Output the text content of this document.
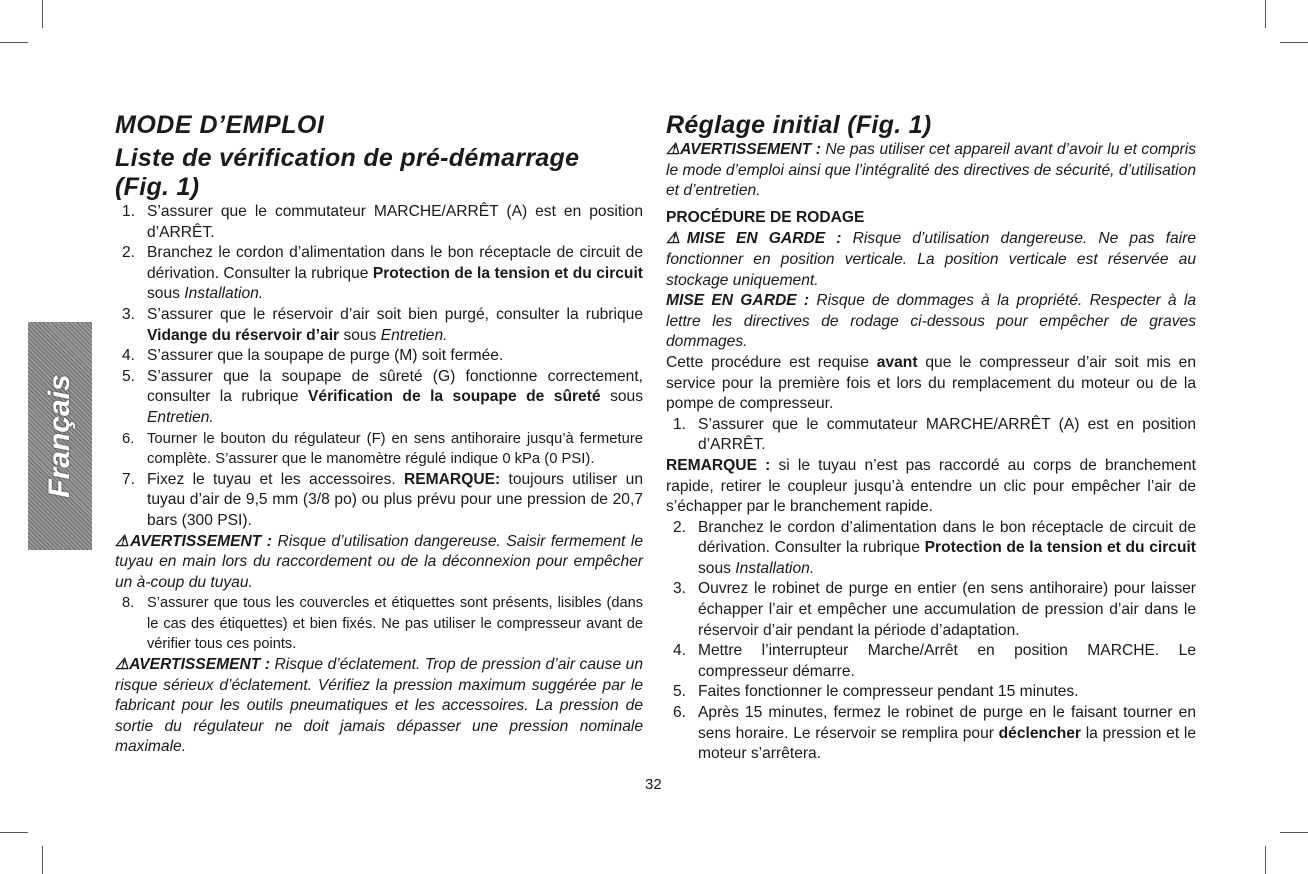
Français
MODE D’EMPLOI
Liste de vérification de pré-démarrage
(Fig. 1)
1. S’assurer que le commutateur MARCHE/ARRÊT (A) est en position d’ARRÊT.
2. Branchez le cordon d’alimentation dans le bon réceptacle de circuit de dérivation. Consulter la rubrique Protection de la tension et du circuit sous Installation.
3. S’assurer que le réservoir d’air soit bien purgé, consulter la rubrique Vidange du réservoir d’air sous Entretien.
4. S’assurer que la soupape de purge (M) soit fermée.
5. S’assurer que la soupape de sûreté (G) fonctionne correctement, consulter la rubrique Vérification de la soupape de sûreté sous Entretien.
6. Tourner le bouton du régulateur (F) en sens antihoraire jusqu’à fermeture complète. S’assurer que le manomètre régulé indique 0 kPa (0 PSI).
7. Fixez le tuyau et les accessoires. REMARQUE: toujours utiliser un tuyau d’air de 9,5 mm (3/8 po) ou plus prévu pour une pression de 20,7 bars (300 PSI).
⚠AVERTISSEMENT : Risque d’utilisation dangereuse. Saisir fermement le tuyau en main lors du raccordement ou de la déconnexion pour empêcher un à-coup du tuyau.
8. S’assurer que tous les couvercles et étiquettes sont présents, lisibles (dans le cas des étiquettes) et bien fixés. Ne pas utiliser le compresseur avant de vérifier tous ces points.
⚠AVERTISSEMENT : Risque d’éclatement. Trop de pression d’air cause un risque sérieux d’éclatement. Vérifiez la pression maximum suggérée par le fabricant pour les outils pneumatiques et les accessoires. La pression de sortie du régulateur ne doit jamais dépasser une pression nominale maximale.
Réglage initial (Fig. 1)
⚠AVERTISSEMENT : Ne pas utiliser cet appareil avant d’avoir lu et compris le mode d’emploi ainsi que l’intégralité des directives de sécurité, d’utilisation et d’entretien.
PROCÉDURE DE RODAGE
⚠MISE EN GARDE : Risque d’utilisation dangereuse. Ne pas faire fonctionner en position verticale. La position verticale est réservée au stockage uniquement.
MISE EN GARDE : Risque de dommages à la propriété. Respecter à la lettre les directives de rodage ci-dessous pour empêcher de graves dommages.
Cette procédure est requise avant que le compresseur d’air soit mis en service pour la première fois et lors du remplacement du moteur ou de la pompe de compresseur.
1. S’assurer que le commutateur MARCHE/ARRÊT (A) est en position d’ARRÊT.
REMARQUE : si le tuyau n’est pas raccordé au corps de branchement rapide, retirer le coupleur jusqu’à entendre un clic pour empêcher l’air de s’échapper par le branchement rapide.
2. Branchez le cordon d’alimentation dans le bon réceptacle de circuit de dérivation. Consulter la rubrique Protection de la tension et du circuit sous Installation.
3. Ouvrez le robinet de purge en entier (en sens antihoraire) pour laisser échapper l’air et empêcher une accumulation de pression d’air dans le réservoir d’air pendant la période d’adaptation.
4. Mettre l’interrupteur Marche/Arrêt en position MARCHE. Le compresseur démarre.
5. Faites fonctionner le compresseur pendant 15 minutes.
6. Après 15 minutes, fermez le robinet de purge en le faisant tourner en sens horaire. Le réservoir se remplira pour déclencher la pression et le moteur s’arrêtera.
32
